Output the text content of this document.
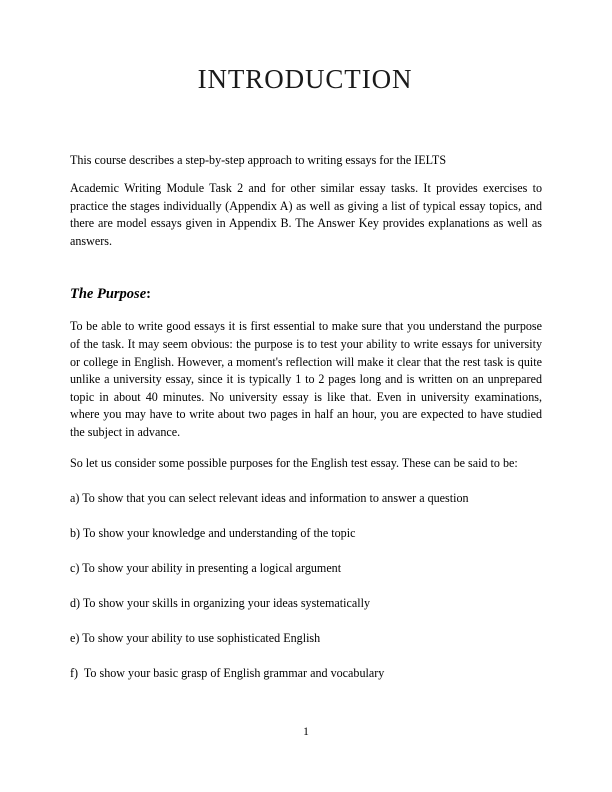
INTRODUCTION

This course describes a step-by-step approach to writing essays for the IELTS

Academic Writing Module Task 2 and for other similar essay tasks. It provides exercises to practice the stages individually (Appendix A) as well as giving a list of typical essay topics, and there are model essays given in Appendix B. The Answer Key provides explanations as well as answers.

The Purpose:

To be able to write good essays it is first essential to make sure that you understand the purpose of the task. It may seem obvious: the purpose is to test your ability to write essays for university or college in English. However, a moment's reflection will make it clear that the rest task is quite unlike a university essay, since it is typically 1 to 2 pages long and is written on an unprepared topic in about 40 minutes. No university essay is like that. Even in university examinations, where you may have to write about two pages in half an hour, you are expected to have studied the subject in advance.

So let us consider some possible purposes for the English test essay. These can be said to be:

a) To show that you can select relevant ideas and information to answer a question
b) To show your knowledge and understanding of the topic
c) To show your ability in presenting a logical argument
d) To show your skills in organizing your ideas systematically
e) To show your ability to use sophisticated English
f)  To show your basic grasp of English grammar and vocabulary
1
